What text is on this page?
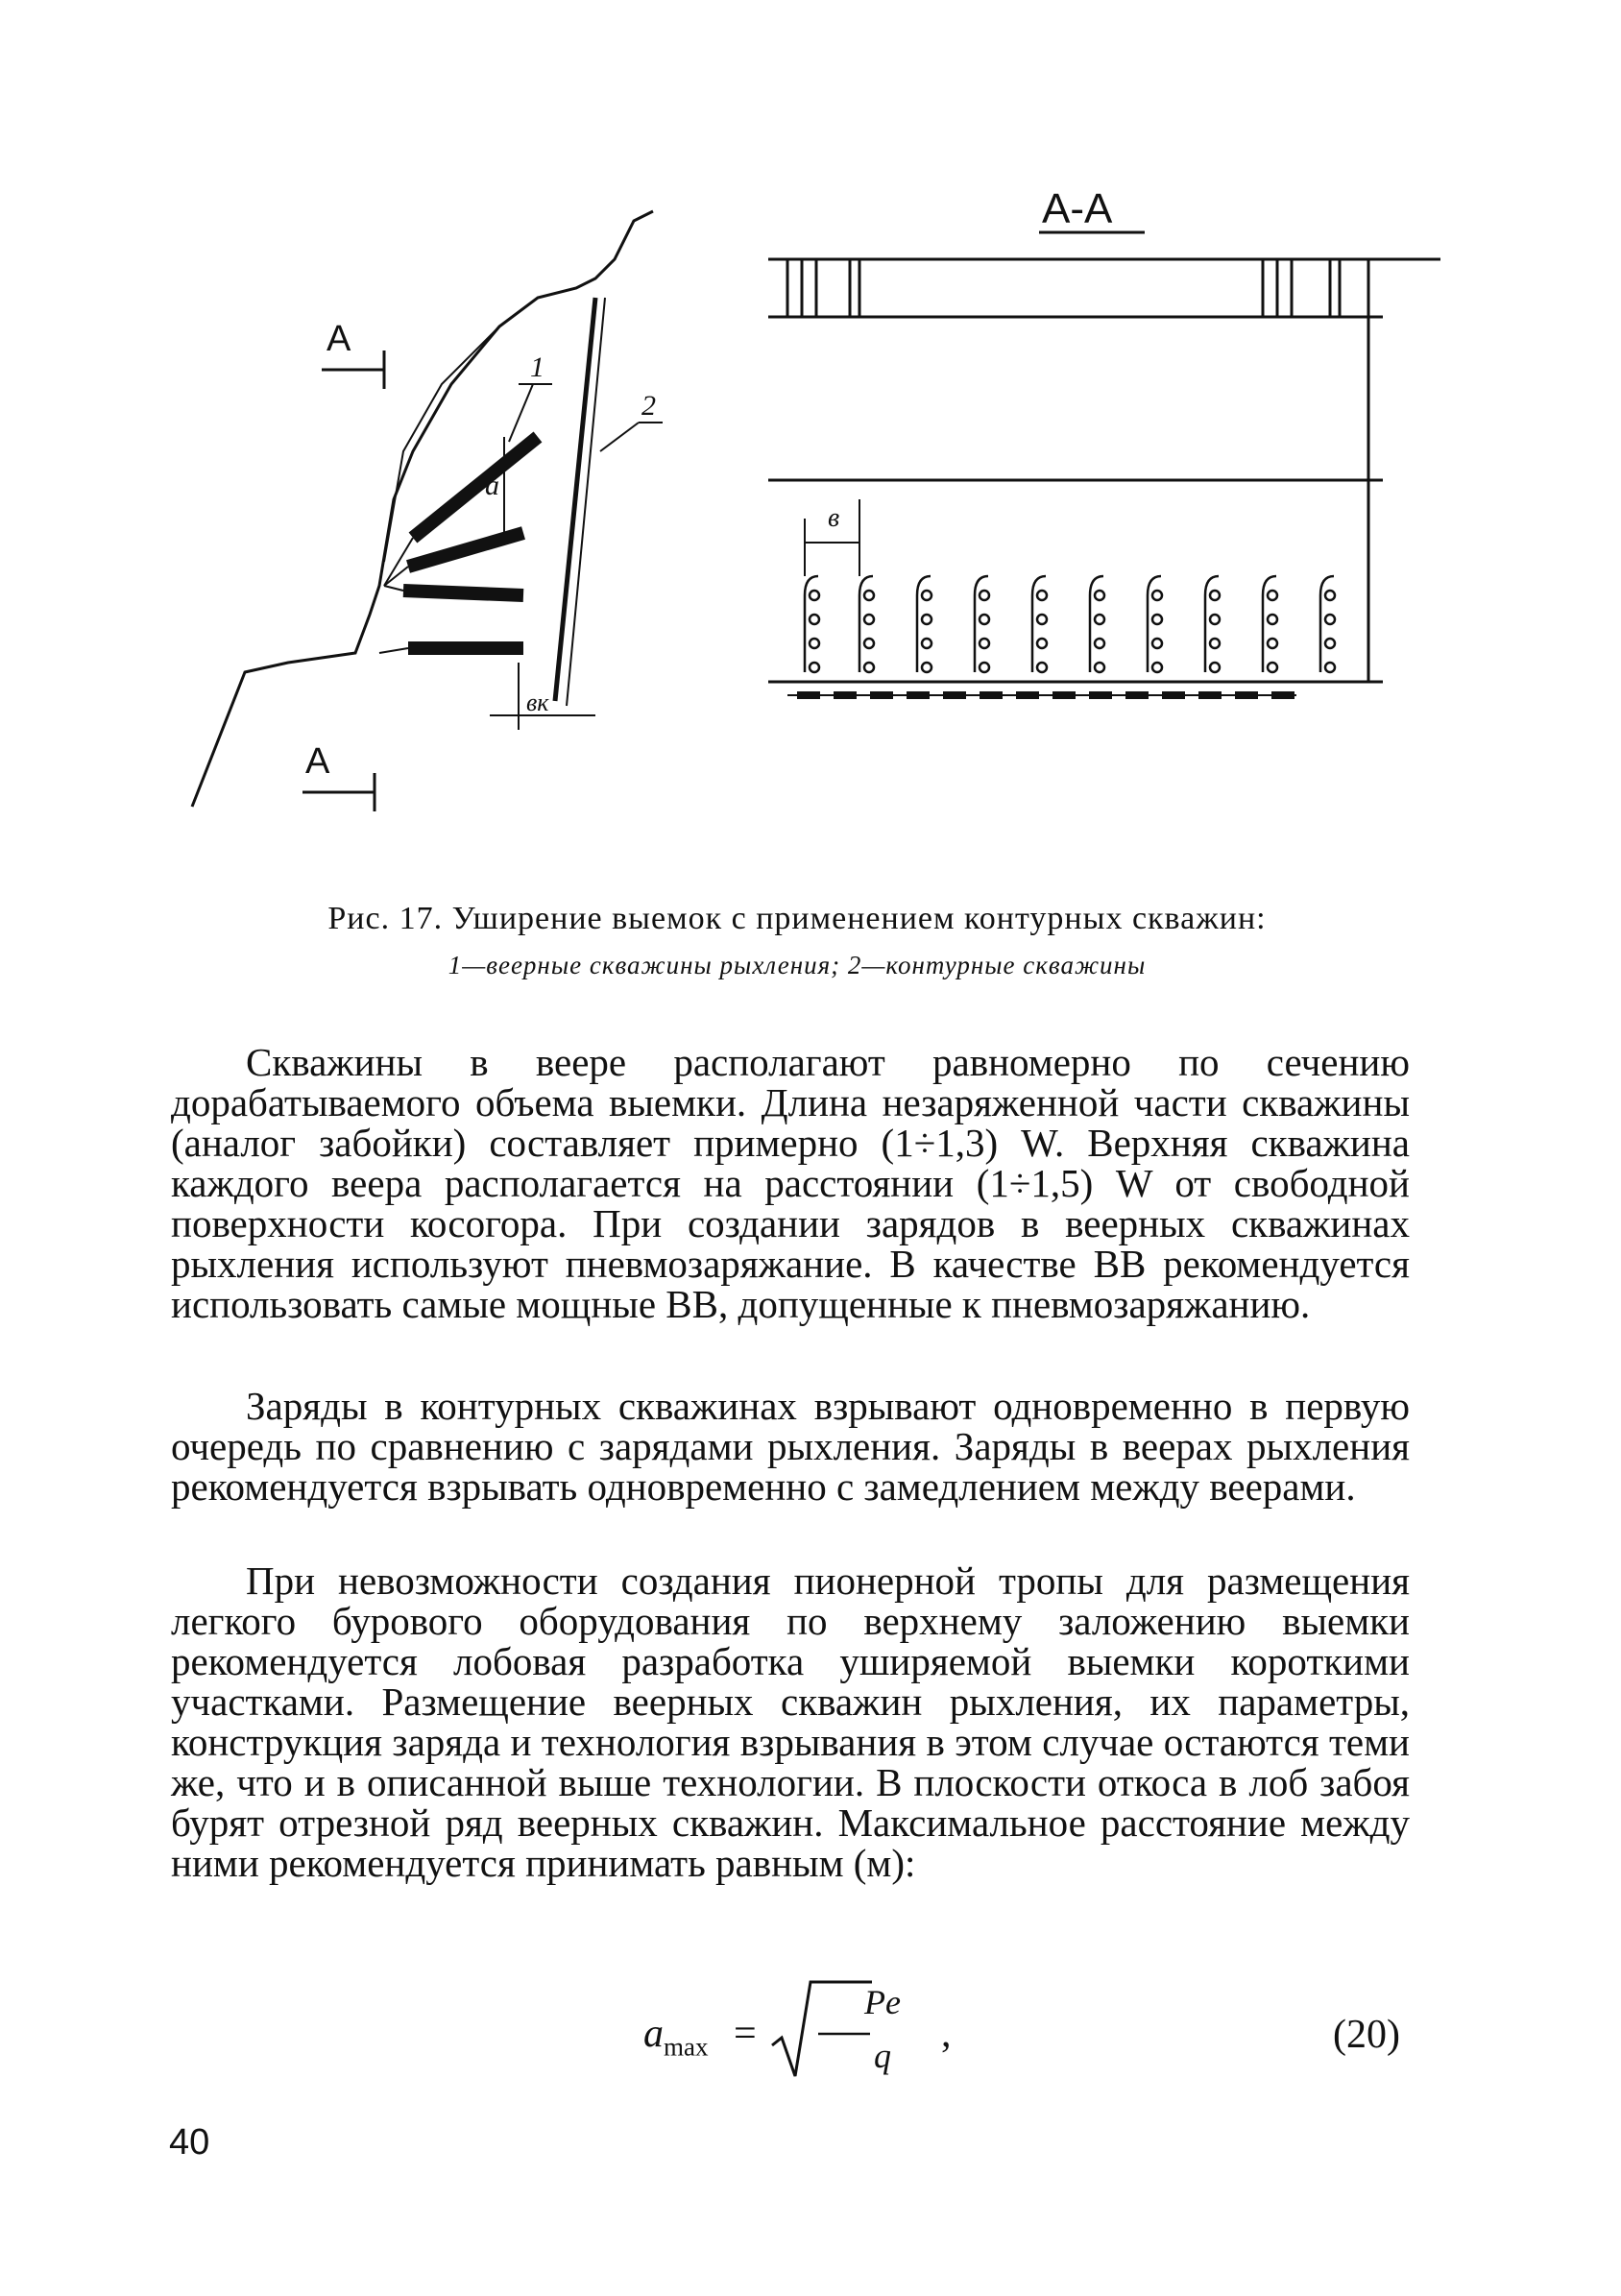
А
А
1
2
а
вк
А-А
в
Рис. 17. Уширение выемок с применением контурных скважин:
1—веерные скважины рыхления; 2—контурные скважины

Скважины в вееpe располагают равномерно по сечению дорабатываемого объема выемки. Длина незаряженной части скважины (аналог забойки) составляет примерно (1÷1,3) W. Верхняя скважина каждого веера располагается на расстоянии (1÷1,5) W от свободной поверхности косогора. При создании зарядов в веерных скважинах рыхления используют пневмозаряжание. В качестве ВВ рекомендуется использовать самые мощные ВВ, допущенные к пневмозаряжанию.

Заряды в контурных скважинах взрывают одновременно в первую очередь по сравнению с зарядами рыхления. Заряды в веерах рыхления рекомендуется взрывать одновременно с замедлением между веерами.

При невозможности создания пионерной тропы для размещения легкого бурового оборудования по верхнему заложению выемки рекомендуется лобовая разработка уширяемой выемки короткими участками. Размещение веерных скважин рыхления, их параметры, конструкция заряда и технология взрывания в этом случае остаются теми же, что и в описанной выше технологии. В плоскости откоса в лоб забоя бурят отрезной ряд веерных скважин. Максимальное расстояние между ними рекомендуется принимать равным (м):

$a_{max}$ =
Pe
q ,	(20)
40
